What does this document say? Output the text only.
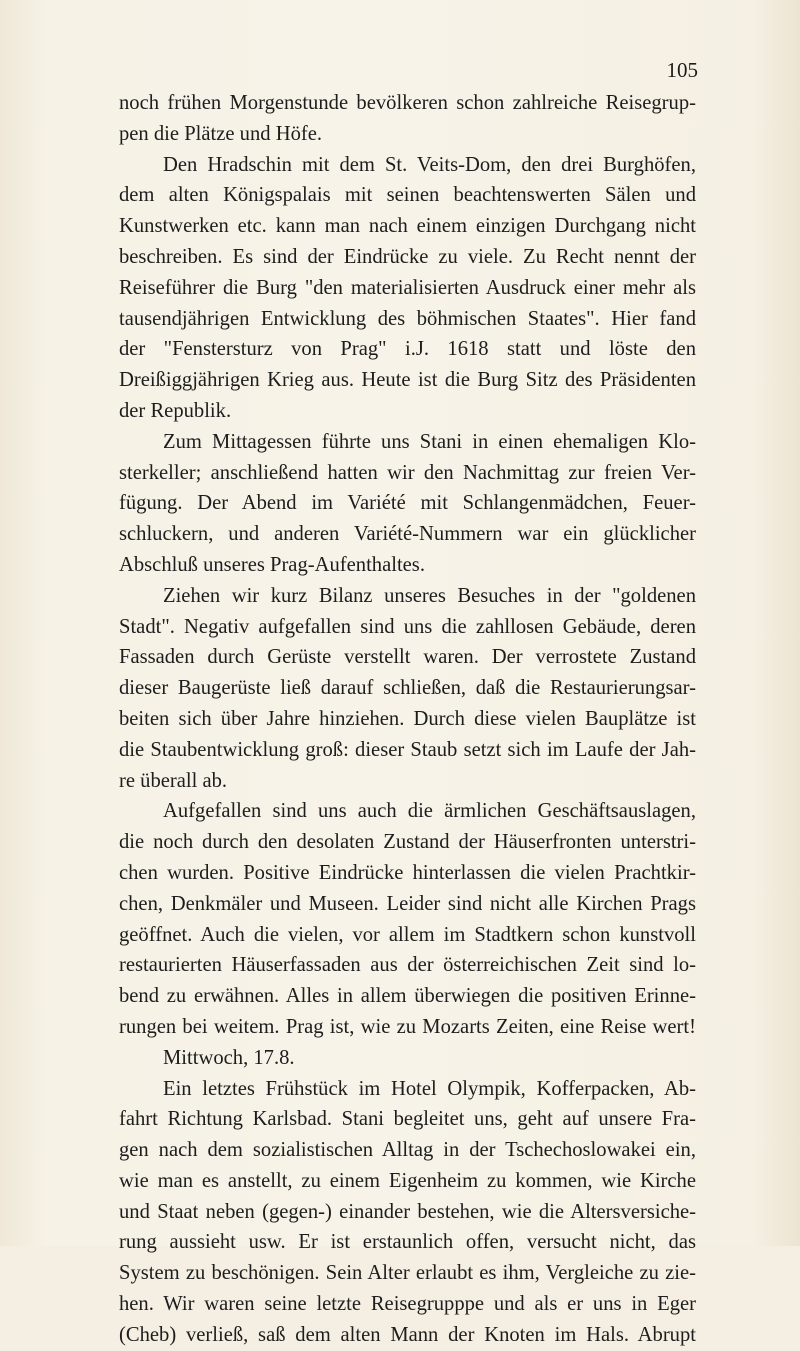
105

noch frühen Morgenstunde bevölkeren schon zahlreiche Reisegrup-

pen die Plätze und Höfe.

Den Hradschin mit dem St. Veits-Dom, den drei Burghöfen,

dem alten Königspalais mit seinen beachtenswerten Sälen und

Kunstwerken etc. kann man nach einem einzigen Durchgang nicht

beschreiben. Es sind der Eindrücke zu viele. Zu Recht nennt der

Reiseführer die Burg "den materialisierten Ausdruck einer mehr als

tausendjährigen Entwicklung des böhmischen Staates". Hier fand

der "Fenstersturz von Prag" i.J. 1618 statt und löste den

Dreißiggjährigen Krieg aus. Heute ist die Burg Sitz des Präsidenten

der Republik.

Zum Mittagessen führte uns Stani in einen ehemaligen Klo-

sterkeller; anschließend hatten wir den Nachmittag zur freien Ver-

fügung. Der Abend im Variété mit Schlangenmädchen, Feuer-

schluckern, und anderen Variété-Nummern war ein glücklicher

Abschluß unseres Prag-Aufenthaltes.

Ziehen wir kurz Bilanz unseres Besuches in der "goldenen

Stadt". Negativ aufgefallen sind uns die zahllosen Gebäude, deren

Fassaden durch Gerüste verstellt waren. Der verrostete Zustand

dieser Baugerüste ließ darauf schließen, daß die Restaurierungsar-

beiten sich über Jahre hinziehen. Durch diese vielen Bauplätze ist

die Staubentwicklung groß: dieser Staub setzt sich im Laufe der Jah-

re überall ab.

Aufgefallen sind uns auch die ärmlichen Geschäftsauslagen,

die noch durch den desolaten Zustand der Häuserfronten unterstri-

chen wurden. Positive Eindrücke hinterlassen die vielen Prachtkir-

chen, Denkmäler und Museen. Leider sind nicht alle Kirchen Prags

geöffnet. Auch die vielen, vor allem im Stadtkern schon kunstvoll

restaurierten Häuserfassaden aus der österreichischen Zeit sind lo-

bend zu erwähnen. Alles in allem überwiegen die positiven Erinne-

rungen bei weitem. Prag ist, wie zu Mozarts Zeiten, eine Reise wert!

Mittwoch, 17.8.

Ein letztes Frühstück im Hotel Olympik, Kofferpacken, Ab-

fahrt Richtung Karlsbad. Stani begleitet uns, geht auf unsere Fra-

gen nach dem sozialistischen Alltag in der Tschechoslowakei ein,

wie man es anstellt, zu einem Eigenheim zu kommen, wie Kirche

und Staat neben (gegen-) einander bestehen, wie die Altersversiche-

rung aussieht usw. Er ist erstaunlich offen, versucht nicht, das

System zu beschönigen. Sein Alter erlaubt es ihm, Vergleiche zu zie-

hen. Wir waren seine letzte Reisegrupppe und als er uns in Eger

(Cheb) verließ, saß dem alten Mann der Knoten im Hals. Abrupt
